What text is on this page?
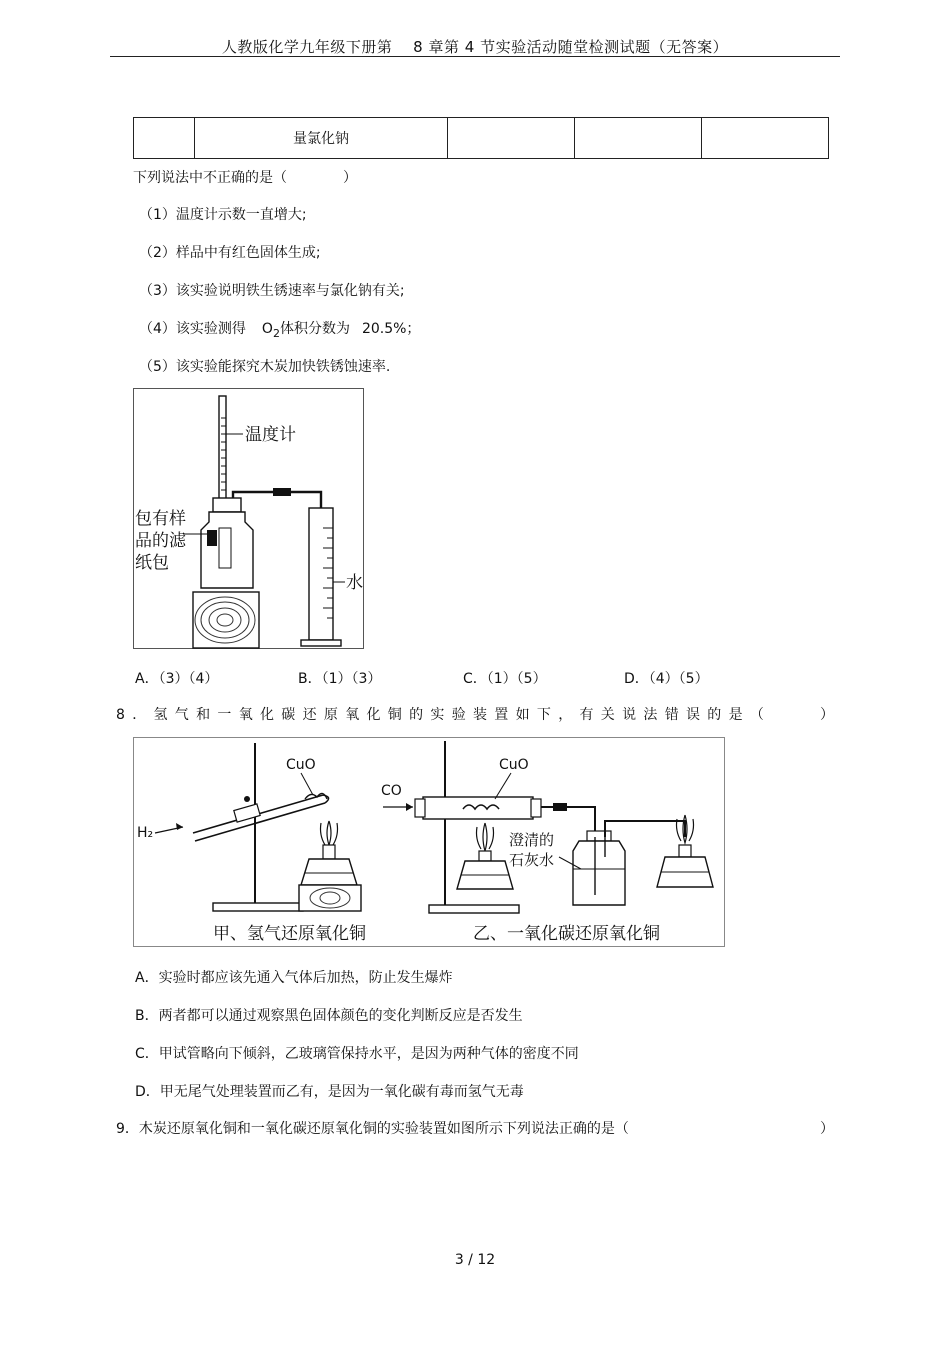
人教版化学九年级下册第　 8 章第 4 节实验活动随堂检测试题（无答案）
	量氯化钠			
下列说法中不正确的是（　　　　）
（1）温度计示数一直增大;
（2）样品中有红色固体生成;
（3）该实验说明铁生锈速率与氯化钠有关;
（4）该实验测得 $O_2$体积分数为 20.5%；
（5）该实验能探究木炭加快铁锈蚀速率.
温度计
包有样
品的滤
纸包
水
A．（3）（4）	B．（1）（3）	C．（1）（5）	D．（4）（5）
8．氢气和一氧化碳还原氧化铜的实验装置如下，有关说法错误的是（	）
CuO
H₂
甲、氢气还原氧化铜
CO
CuO
澄清的
石灰水
乙、一氧化碳还原氧化铜
A．实验时都应该先通入气体后加热，防止发生爆炸
B．两者都可以通过观察黑色固体颜色的变化判断反应是否发生
C．甲试管略向下倾斜，乙玻璃管保持水平，是因为两种气体的密度不同
D．甲无尾气处理装置而乙有，是因为一氧化碳有毒而氢气无毒
9．木炭还原氧化铜和一氧化碳还原氧化铜的实验装置如图所示下列说法正确的是（	）
3 / 12
